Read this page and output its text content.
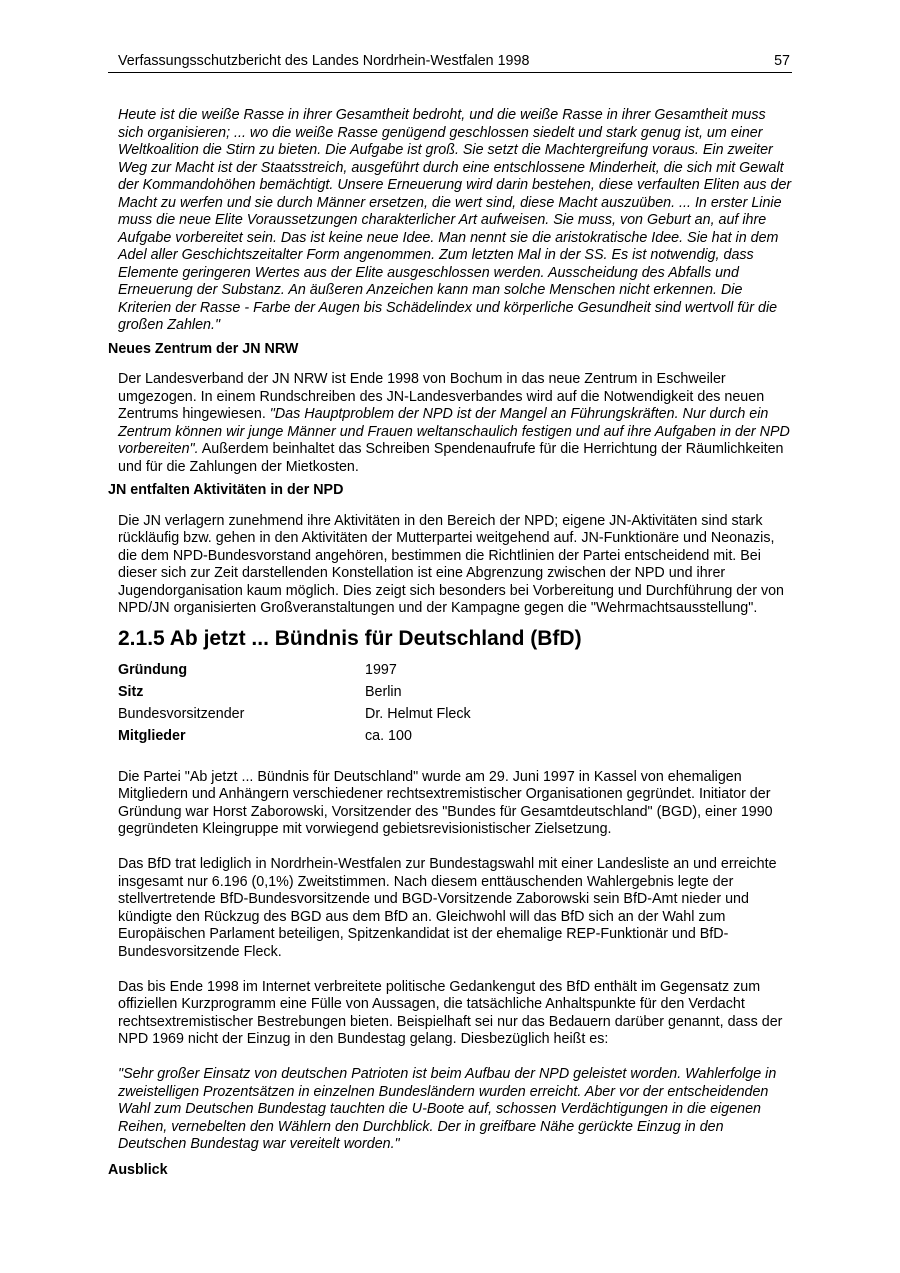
Verfassungsschutzbericht des Landes Nordrhein-Westfalen 1998	57

Heute ist die weiße Rasse in ihrer Gesamtheit bedroht, und die weiße Rasse in ihrer Gesamtheit muss sich organisieren; ... wo die weiße Rasse genügend geschlossen siedelt und stark genug ist, um einer Weltkoalition die Stirn zu bieten. Die Aufgabe ist groß. Sie setzt die Machtergreifung voraus. Ein zweiter Weg zur Macht ist der Staatsstreich, ausgeführt durch eine entschlossene Minderheit, die sich mit Gewalt der Kommandohöhen bemächtigt. Unsere Erneuerung wird darin bestehen, diese verfaulten Eliten aus der Macht zu werfen und sie durch Männer ersetzen, die wert sind, diese Macht auszuüben. ... In erster Linie muss die neue Elite Voraussetzungen charakterlicher Art aufweisen. Sie muss, von Geburt an, auf ihre Aufgabe vorbereitet sein. Das ist keine neue Idee. Man nennt sie die aristokratische Idee. Sie hat in dem Adel aller Geschichtszeitalter Form angenommen. Zum letzten Mal in der SS. Es ist notwendig, dass Elemente geringeren Wertes aus der Elite ausgeschlossen werden. Ausscheidung des Abfalls und Erneuerung der Substanz. An äußeren Anzeichen kann man solche Menschen nicht erkennen. Die Kriterien der Rasse - Farbe der Augen bis Schädelindex und körperliche Gesundheit sind wertvoll für die großen Zahlen."

Neues Zentrum der JN NRW

Der Landesverband der JN NRW ist Ende 1998 von Bochum in das neue Zentrum in Eschweiler umgezogen. In einem Rundschreiben des JN-Landesverbandes wird auf die Notwendigkeit des neuen Zentrums hingewiesen. "Das Hauptproblem der NPD ist der Mangel an Führungskräften. Nur durch ein Zentrum können wir junge Männer und Frauen weltanschaulich festigen und auf ihre Aufgaben in der NPD vorbereiten". Außerdem beinhaltet das Schreiben Spendenaufrufe für die Herrichtung der Räumlichkeiten und für die Zahlungen der Mietkosten.

JN entfalten Aktivitäten in der NPD

Die JN verlagern zunehmend ihre Aktivitäten in den Bereich der NPD; eigene JN-Aktivitäten sind stark rückläufig bzw. gehen in den Aktivitäten der Mutterpartei weitgehend auf. JN-Funktionäre und Neonazis, die dem NPD-Bundesvorstand angehören, bestimmen die Richtlinien der Partei entscheidend mit. Bei dieser sich zur Zeit darstellenden Konstellation ist eine Abgrenzung zwischen der NPD und ihrer Jugendorganisation kaum möglich. Dies zeigt sich besonders bei Vorbereitung und Durchführung der von NPD/JN organisierten Großveranstaltungen und der Kampagne gegen die "Wehrmachtsausstellung".

2.1.5 Ab jetzt ... Bündnis für Deutschland (BfD)
Gründung	1997
Sitz	Berlin
Bundesvorsitzender	Dr. Helmut Fleck
Mitglieder	ca. 100

Die Partei "Ab jetzt ... Bündnis für Deutschland" wurde am 29. Juni 1997 in Kassel von ehemaligen Mitgliedern und Anhängern verschiedener rechtsextremistischer Organisationen gegründet. Initiator der Gründung war Horst Zaborowski, Vorsitzender des "Bundes für Gesamtdeutschland" (BGD), einer 1990 gegründeten Kleingruppe mit vorwiegend gebietsrevisionistischer Zielsetzung.

Das BfD trat lediglich in Nordrhein-Westfalen zur Bundestagswahl mit einer Landesliste an und erreichte insgesamt nur 6.196 (0,1%) Zweitstimmen. Nach diesem enttäuschenden Wahlergebnis legte der stellvertretende BfD-Bundesvorsitzende und BGD-Vorsitzende Zaborowski sein BfD-Amt nieder und kündigte den Rückzug des BGD aus dem BfD an. Gleichwohl will das BfD sich an der Wahl zum Europäischen Parlament beteiligen, Spitzenkandidat ist der ehemalige REP-Funktionär und BfD-Bundesvorsitzende Fleck.

Das bis Ende 1998 im Internet verbreitete politische Gedankengut des BfD enthält im Gegensatz zum offiziellen Kurzprogramm eine Fülle von Aussagen, die tatsächliche Anhaltspunkte für den Verdacht rechtsextremistischer Bestrebungen bieten. Beispielhaft sei nur das Bedauern darüber genannt, dass der NPD 1969 nicht der Einzug in den Bundestag gelang. Diesbezüglich heißt es:

"Sehr großer Einsatz von deutschen Patrioten ist beim Aufbau der NPD geleistet worden. Wahlerfolge in zweistelligen Prozentsätzen in einzelnen Bundesländern wurden erreicht. Aber vor der entscheidenden Wahl zum Deutschen Bundestag tauchten die U-Boote auf, schossen Verdächtigungen in die eigenen Reihen, vernebelten den Wählern den Durchblick. Der in greifbare Nähe gerückte Einzug in den Deutschen Bundestag war vereitelt worden."

Ausblick
